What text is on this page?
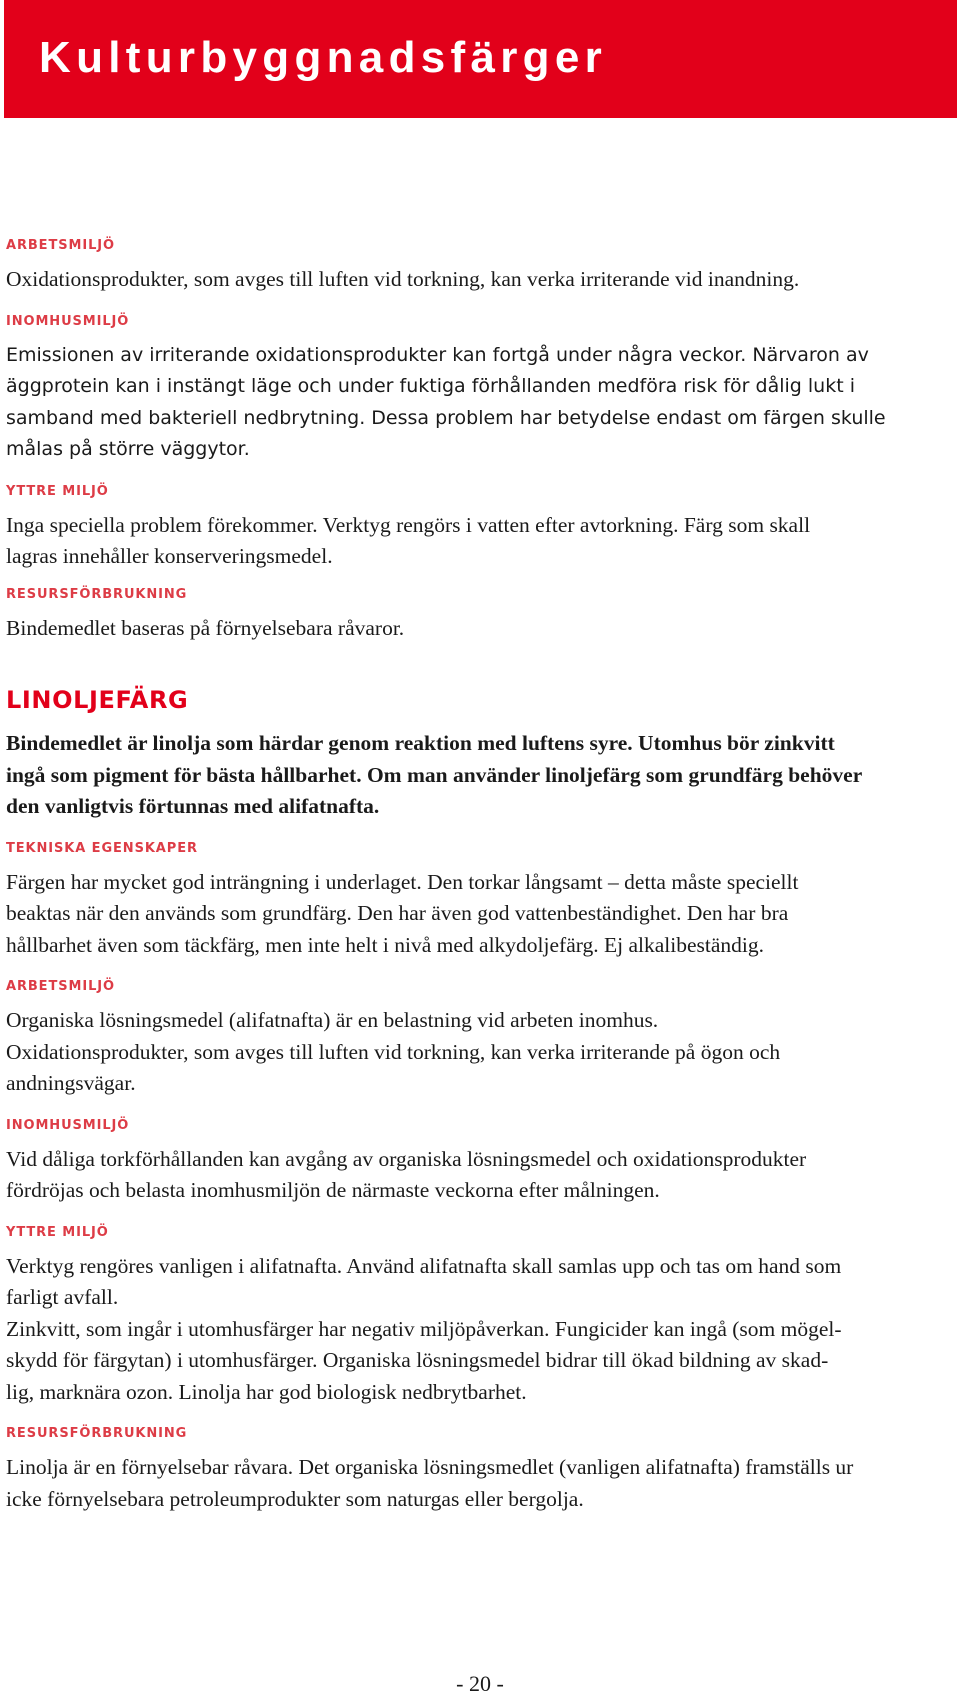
Kulturbyggnadsfärger

ARBETSMILJÖ

Oxidationsprodukter, som avges till luften vid torkning, kan verka irriterande vid inandning.

INOMHUSMILJÖ

Emissionen av irriterande oxidationsprodukter kan fortgå under några veckor. Närvaron av

äggprotein kan i instängt läge och under fuktiga förhållanden medföra risk för dålig lukt i

samband med bakteriell nedbrytning. Dessa problem har betydelse endast om färgen skulle

målas på större väggytor.

YTTRE MILJÖ

Inga speciella problem förekommer. Verktyg rengörs i vatten efter avtorkning. Färg som skall

lagras innehåller konserveringsmedel.

RESURSFÖRBRUKNING

Bindemedlet baseras på förnyelsebara råvaror.

LINOLJEFÄRG

Bindemedlet är linolja som härdar genom reaktion med luftens syre. Utomhus bör zinkvitt

ingå som pigment för bästa hållbarhet. Om man använder linoljefärg som grundfärg behöver

den vanligtvis förtunnas med alifatnafta.

TEKNISKA EGENSKAPER

Färgen har mycket god inträngning i underlaget. Den torkar långsamt – detta måste speciellt

beaktas när den används som grundfärg. Den har även god vattenbeständighet. Den har bra

hållbarhet även som täckfärg, men inte helt i nivå med alkydoljefärg. Ej alkalibeständig.

ARBETSMILJÖ

Organiska lösningsmedel (alifatnafta) är en belastning vid arbeten inomhus.

Oxidationsprodukter, som avges till luften vid torkning, kan verka irriterande på ögon och

andningsvägar.

INOMHUSMILJÖ

Vid dåliga torkförhållanden kan avgång av organiska lösningsmedel och oxidationsprodukter

fördröjas och belasta inomhusmiljön de närmaste veckorna efter målningen.

YTTRE MILJÖ

Verktyg rengöres vanligen i alifatnafta. Använd alifatnafta skall samlas upp och tas om hand som

farligt avfall.

Zinkvitt, som ingår i utomhusfärger har negativ miljöpåverkan. Fungicider kan ingå (som mögel-

skydd för färgytan) i utomhusfärger. Organiska lösningsmedel bidrar till ökad bildning av skad-

lig, marknära ozon. Linolja har god biologisk nedbrytbarhet.

RESURSFÖRBRUKNING

Linolja är en förnyelsebar råvara. Det organiska lösningsmedlet (vanligen alifatnafta) framställs ur

icke förnyelsebara petroleumprodukter som naturgas eller bergolja.

- 20 -
